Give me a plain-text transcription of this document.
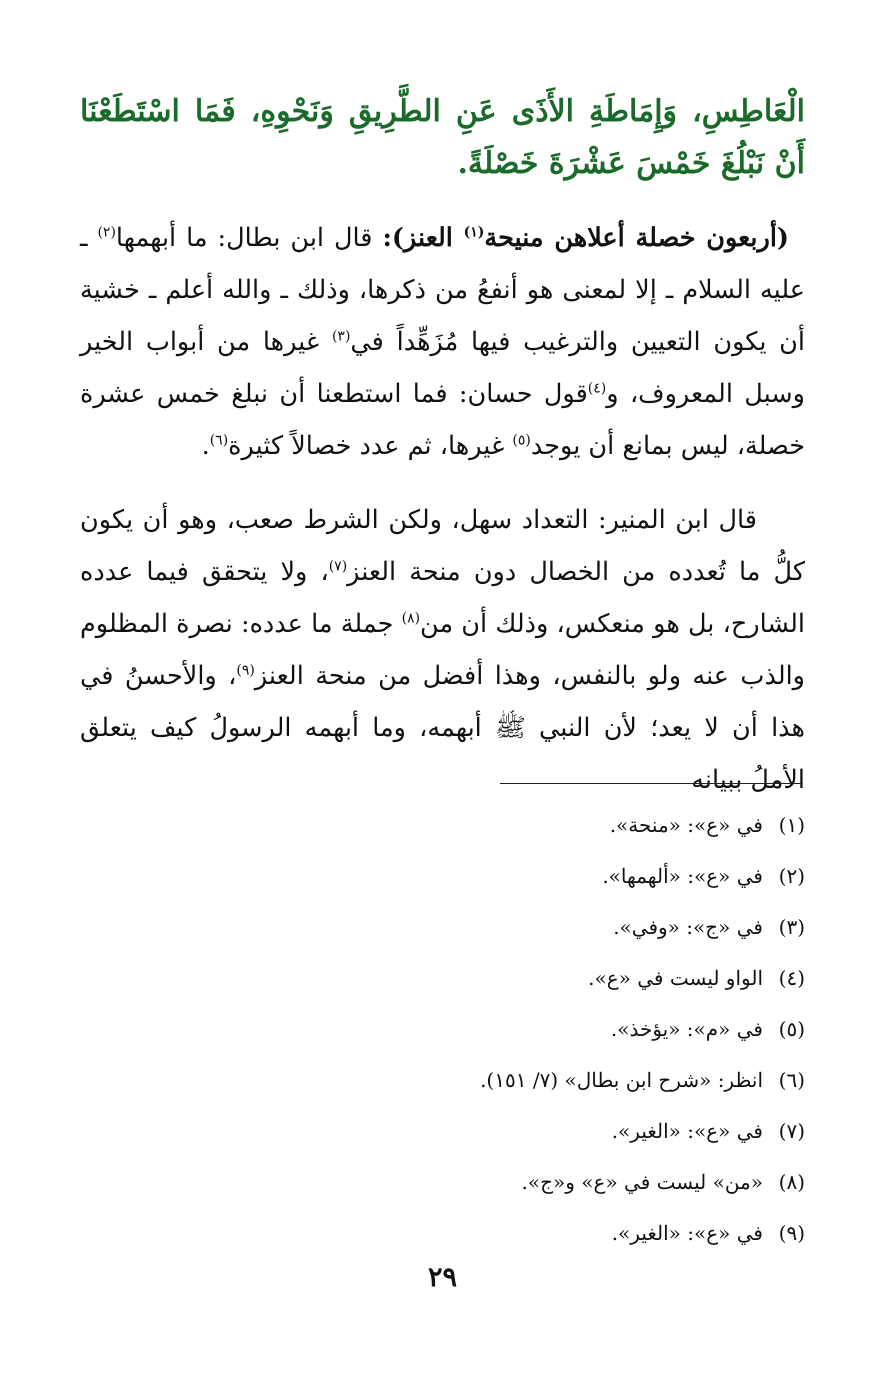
الْعَاطِسِ، وَإِمَاطَةِ الأَذَى عَنِ الطَّرِيقِ وَنَحْوِهِ، فَمَا اسْتَطَعْنَا أَنْ نَبْلُغَ خَمْسَ عَشْرَةَ خَصْلَةً.

(أربعون خصلة أعلاهن منيحة$^{(١)}$ العنز): قال ابن بطال: ما أبهمها$^{(٢)}$ ـ عليه السلام ـ إلا لمعنى هو أنفعُ من ذكرها، وذلك ـ والله أعلم ـ خشية أن يكون التعيين والترغيب فيها مُزَهِّداً في$^{(٣)}$ غيرها من أبواب الخير وسبل المعروف، و$^{(٤)}$قول حسان: فما استطعنا أن نبلغ خمس عشرة خصلة، ليس بمانع أن يوجد$^{(٥)}$ غيرها، ثم عدد خصالاً كثيرة$^{(٦)}$.

قال ابن المنير: التعداد سهل، ولكن الشرط صعب، وهو أن يكون كلُّ ما تُعدده من الخصال دون منحة العنز$^{(٧)}$، ولا يتحقق فيما عدده الشارح، بل هو منعكس، وذلك أن من$^{(٨)}$ جملة ما عدده: نصرة المظلوم والذب عنه ولو بالنفس، وهذا أفضل من منحة العنز$^{(٩)}$، والأحسنُ في هذا أن لا يعد؛ لأن النبي ﷺ أبهمه، وما أبهمه الرسولُ كيف يتعلق الأملُ ببيانه

(١)في «ع»: «منحة».
(٢)في «ع»: «ألهمها».
(٣)في «ج»: «وفي».
(٤)الواو ليست في «ع».
(٥)في «م»: «يؤخذ».
(٦)انظر: «شرح ابن بطال» (٧/ ١٥١).
(٧)في «ع»: «الغير».
(٨)«من» ليست في «ع» و«ج».
(٩)في «ع»: «الغير».
٢٩
